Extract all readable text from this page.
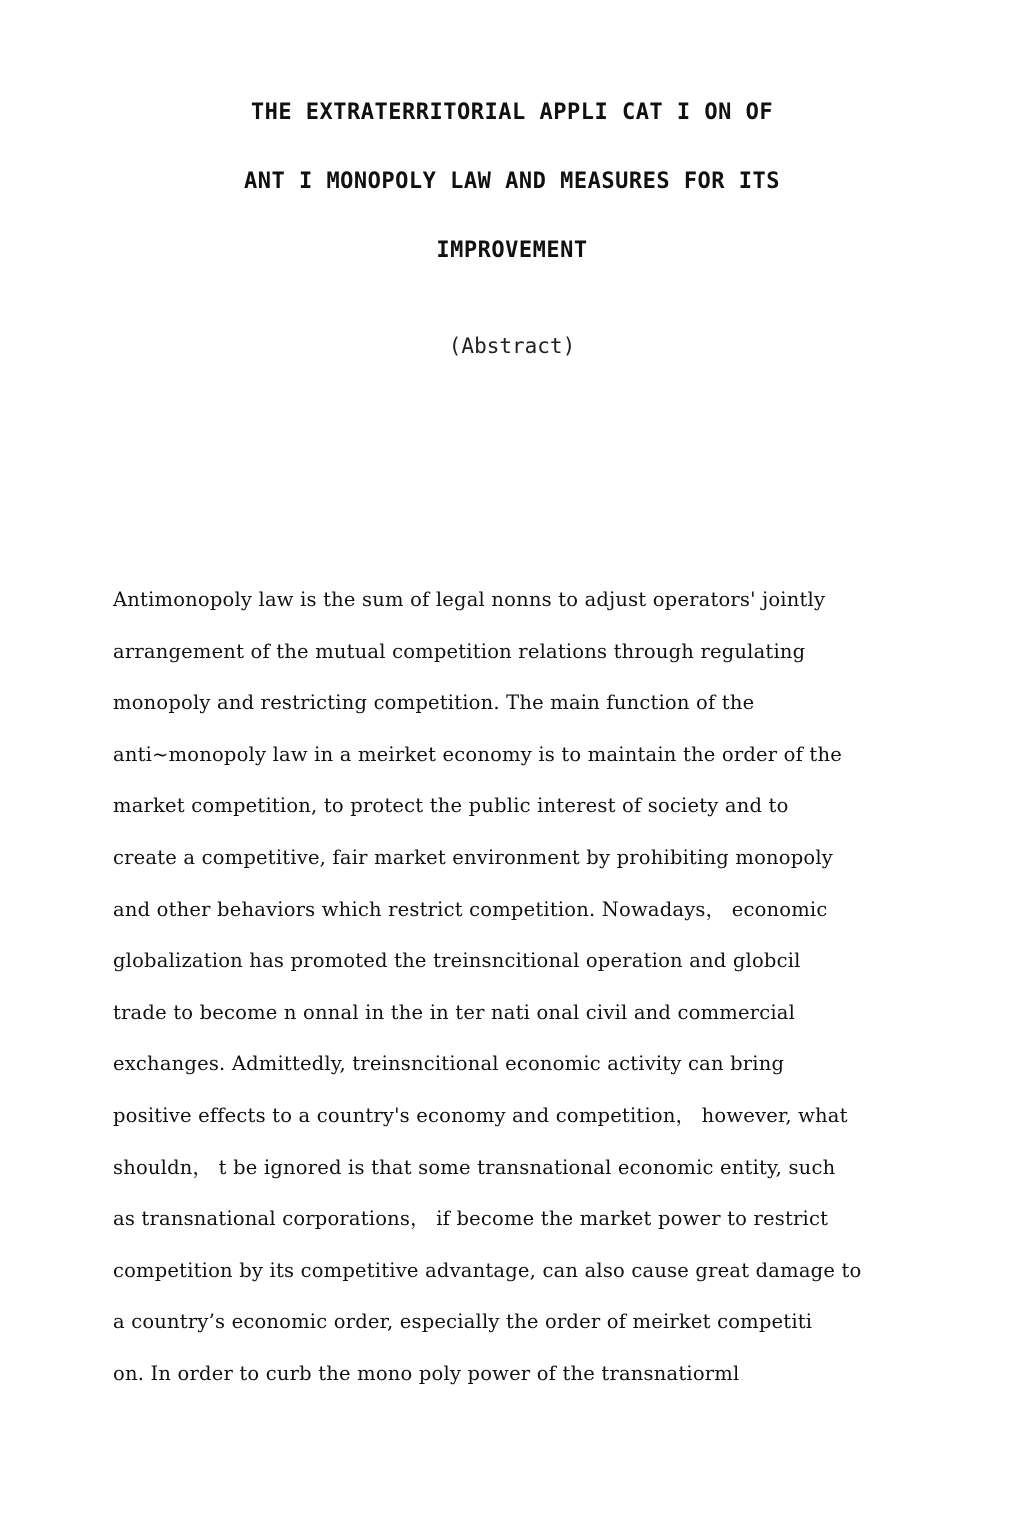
THE EXTRATERRITORIAL APPLI CAT I ON OF
ANT I MONOPOLY LAW AND MEASURES FOR ITS
IMPROVEMENT
(Abstract)
Antimonopoly law is the sum of legal nonns to adjust operators' jointly
arrangement of the mutual competition relations through regulating
monopoly and restricting competition. The main function of the
anti~monopoly law in a meirket economy is to maintain the order of the
market competition, to protect the public interest of society and to
create a competitive, fair market environment by prohibiting monopoly
and other behaviors which restrict competition. Nowadays， economic
globalization has promoted the treinsncitional operation and globcil
trade to become n onnal in the in ter nati onal civil and commercial
exchanges. Admittedly, treinsncitional economic activity can bring
positive effects to a country's economy and competition， however, what
shouldn， t be ignored is that some transnational economic entity, such
as transnational corporations， if become the market power to restrict
competition by its competitive advantage, can also cause great damage to
a country’s economic order, especially the order of meirket competiti
on. In order to curb the mono poly power of the transnatiorml
